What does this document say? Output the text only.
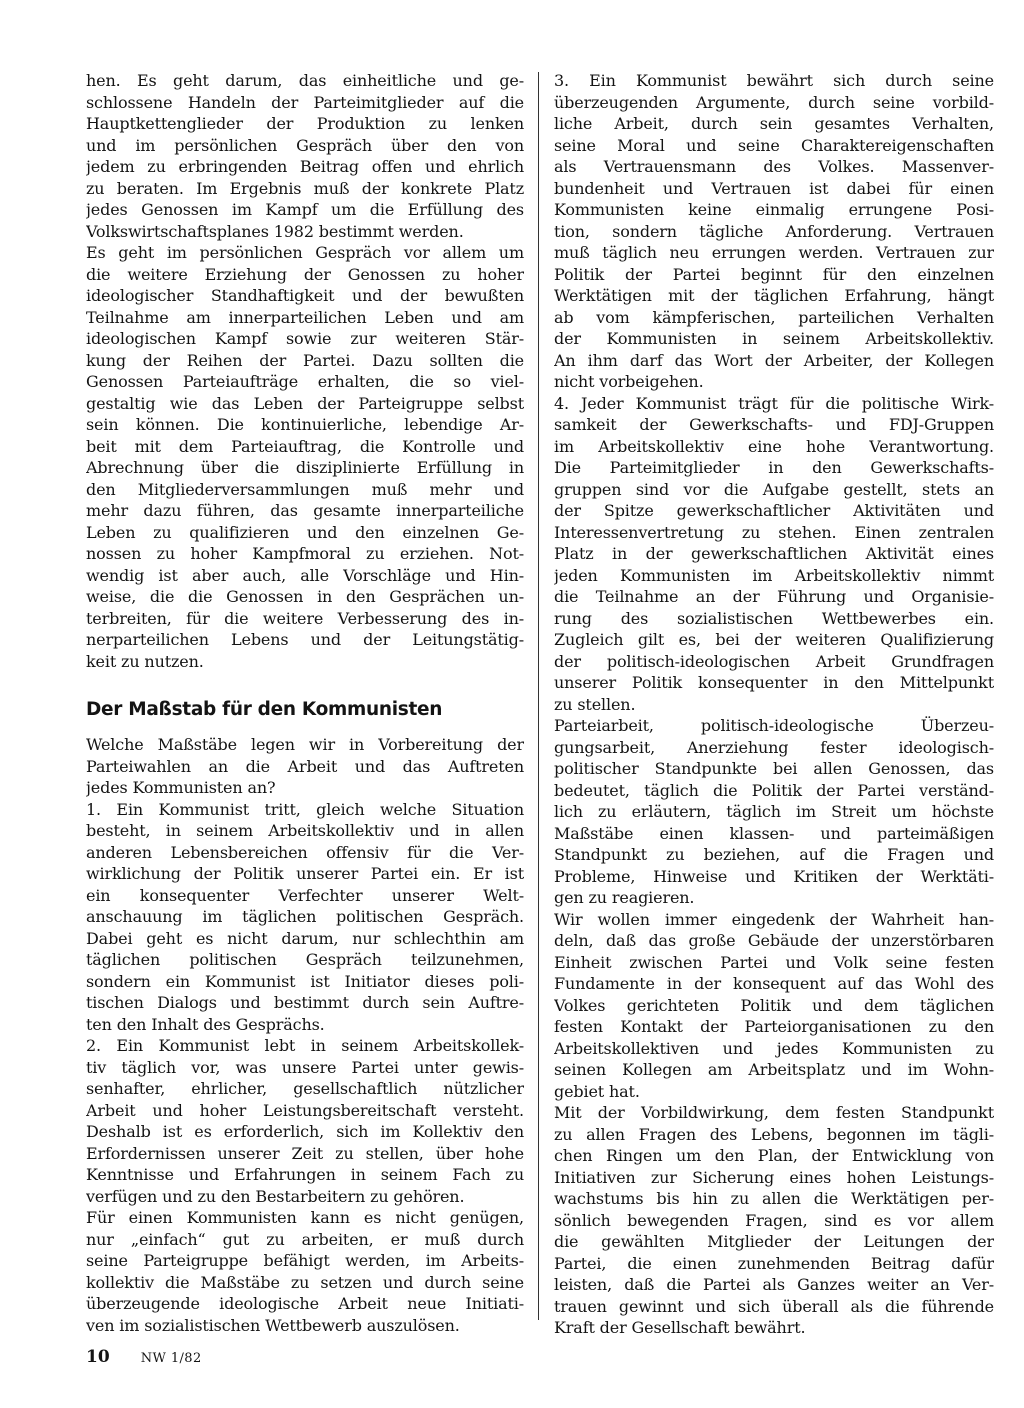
hen. Es geht darum, das einheitliche und ge-
schlossene Handeln der Parteimitglieder auf die
Hauptkettenglieder der Produktion zu lenken
und im persönlichen Gespräch über den von
jedem zu erbringenden Beitrag offen und ehrlich
zu beraten. Im Ergebnis muß der konkrete Platz
jedes Genossen im Kampf um die Erfüllung des
Volkswirtschaftsplanes 1982 bestimmt werden.
Es geht im persönlichen Gespräch vor allem um
die weitere Erziehung der Genossen zu hoher
ideologischer Standhaftigkeit und der bewußten
Teilnahme am innerparteilichen Leben und am
ideologischen Kampf sowie zur weiteren Stär-
kung der Reihen der Partei. Dazu sollten die
Genossen Parteiaufträge erhalten, die so viel-
gestaltig wie das Leben der Parteigruppe selbst
sein können. Die kontinuierliche, lebendige Ar-
beit mit dem Parteiauftrag, die Kontrolle und
Abrechnung über die disziplinierte Erfüllung in
den Mitgliederversammlungen muß mehr und
mehr dazu führen, das gesamte innerparteiliche
Leben zu qualifizieren und den einzelnen Ge-
nossen zu hoher Kampfmoral zu erziehen. Not-
wendig ist aber auch, alle Vorschläge und Hin-
weise, die die Genossen in den Gesprächen un-
terbreiten, für die weitere Verbesserung des in-
nerparteilichen Lebens und der Leitungstätig-
keit zu nutzen.
Der Maßstab für den Kommunisten
Welche Maßstäbe legen wir in Vorbereitung der
Parteiwahlen an die Arbeit und das Auftreten
jedes Kommunisten an?
1. Ein Kommunist tritt, gleich welche Situation
besteht, in seinem Arbeitskollektiv und in allen
anderen Lebensbereichen offensiv für die Ver-
wirklichung der Politik unserer Partei ein. Er ist
ein konsequenter Verfechter unserer Welt-
anschauung im täglichen politischen Gespräch.
Dabei geht es nicht darum, nur schlechthin am
täglichen politischen Gespräch teilzunehmen,
sondern ein Kommunist ist Initiator dieses poli-
tischen Dialogs und bestimmt durch sein Auftre-
ten den Inhalt des Gesprächs.
2. Ein Kommunist lebt in seinem Arbeitskollek-
tiv täglich vor, was unsere Partei unter gewis-
senhafter, ehrlicher, gesellschaftlich nützlicher
Arbeit und hoher Leistungsbereitschaft versteht.
Deshalb ist es erforderlich, sich im Kollektiv den
Erfordernissen unserer Zeit zu stellen, über hohe
Kenntnisse und Erfahrungen in seinem Fach zu
verfügen und zu den Bestarbeitern zu gehören.
Für einen Kommunisten kann es nicht genügen,
nur „einfach“ gut zu arbeiten, er muß durch
seine Parteigruppe befähigt werden, im Arbeits-
kollektiv die Maßstäbe zu setzen und durch seine
überzeugende ideologische Arbeit neue Initiati-
ven im sozialistischen Wettbewerb auszulösen.
3. Ein Kommunist bewährt sich durch seine
überzeugenden Argumente, durch seine vorbild-
liche Arbeit, durch sein gesamtes Verhalten,
seine Moral und seine Charaktereigenschaften
als Vertrauensmann des Volkes. Massenver-
bundenheit und Vertrauen ist dabei für einen
Kommunisten keine einmalig errungene Posi-
tion, sondern tägliche Anforderung. Vertrauen
muß täglich neu errungen werden. Vertrauen zur
Politik der Partei beginnt für den einzelnen
Werktätigen mit der täglichen Erfahrung, hängt
ab vom kämpferischen, parteilichen Verhalten
der Kommunisten in seinem Arbeitskollektiv.
An ihm darf das Wort der Arbeiter, der Kollegen
nicht vorbeigehen.
4. Jeder Kommunist trägt für die politische Wirk-
samkeit der Gewerkschafts- und FDJ-Gruppen
im Arbeitskollektiv eine hohe Verantwortung.
Die Parteimitglieder in den Gewerkschafts-
gruppen sind vor die Aufgabe gestellt, stets an
der Spitze gewerkschaftlicher Aktivitäten und
Interessenvertretung zu stehen. Einen zentralen
Platz in der gewerkschaftlichen Aktivität eines
jeden Kommunisten im Arbeitskollektiv nimmt
die Teilnahme an der Führung und Organisie-
rung des sozialistischen Wettbewerbes ein.
Zugleich gilt es, bei der weiteren Qualifizierung
der politisch-ideologischen Arbeit Grundfragen
unserer Politik konsequenter in den Mittelpunkt
zu stellen.
Parteiarbeit, politisch-ideologische Überzeu-
gungsarbeit, Anerziehung fester ideologisch-
politischer Standpunkte bei allen Genossen, das
bedeutet, täglich die Politik der Partei verständ-
lich zu erläutern, täglich im Streit um höchste
Maßstäbe einen klassen- und parteimäßigen
Standpunkt zu beziehen, auf die Fragen und
Probleme, Hinweise und Kritiken der Werktäti-
gen zu reagieren.
Wir wollen immer eingedenk der Wahrheit han-
deln, daß das große Gebäude der unzerstörbaren
Einheit zwischen Partei und Volk seine festen
Fundamente in der konsequent auf das Wohl des
Volkes gerichteten Politik und dem täglichen
festen Kontakt der Parteiorganisationen zu den
Arbeitskollektiven und jedes Kommunisten zu
seinen Kollegen am Arbeitsplatz und im Wohn-
gebiet hat.
Mit der Vorbildwirkung, dem festen Standpunkt
zu allen Fragen des Lebens, begonnen im tägli-
chen Ringen um den Plan, der Entwicklung von
Initiativen zur Sicherung eines hohen Leistungs-
wachstums bis hin zu allen die Werktätigen per-
sönlich bewegenden Fragen, sind es vor allem
die gewählten Mitglieder der Leitungen der
Partei, die einen zunehmenden Beitrag dafür
leisten, daß die Partei als Ganzes weiter an Ver-
trauen gewinnt und sich überall als die führende
Kraft der Gesellschaft bewährt.
10 NW 1/82
